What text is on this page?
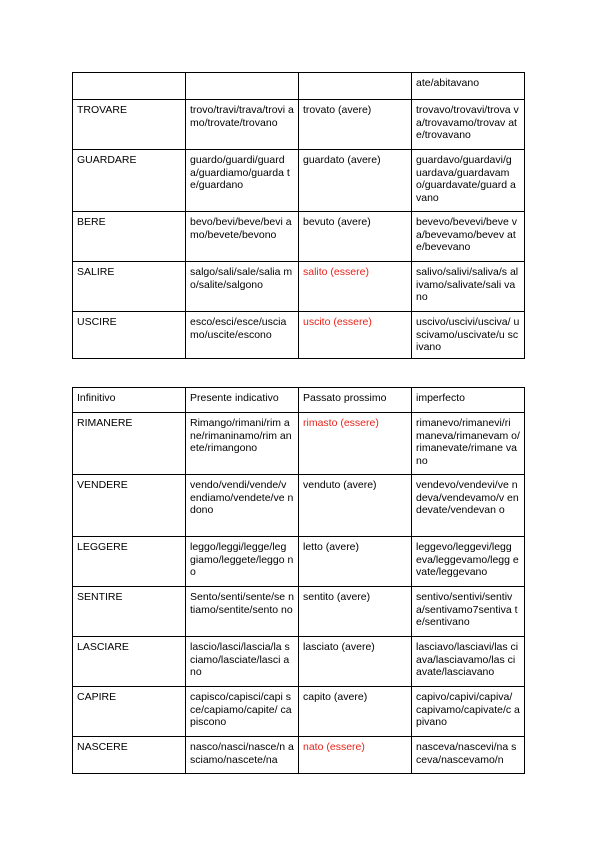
			ate/abitavano
TROVARE	trovo/travi/trava/trovi amo/trovate/trovano	trovato (avere)	trovavo/trovavi/trova va/trovavamo/trovav ate/trovavano
GUARDARE	guardo/guardi/guard a/guardiamo/guarda te/guardano	guardato (avere)	guardavo/guardavi/g uardava/guardavam o/guardavate/guard avano
BERE	bevo/bevi/beve/bevi amo/bevete/bevono	bevuto (avere)	bevevo/bevevi/beve va/bevevamo/bevev ate/bevevano
SALIRE	salgo/sali/sale/salia mo/salite/salgono	salito (essere)	salivo/salivi/saliva/s alivamo/salivate/sali vano
USCIRE	esco/esci/esce/uscia mo/uscite/escono	uscito (essere)	uscivo/uscivi/usciva/ uscivamo/uscivate/u scivano
Infinitivo	Presente indicativo	Passato prossimo	imperfecto
RIMANERE	Rimango/rimani/rim ane/rimaninamo/rim anete/rimangono	rimasto (essere)	rimanevo/rimanevi/ri maneva/rimanevam o/rimanevate/rimane vano
VENDERE	vendo/vendi/vende/v endiamo/vendete/ve ndono	venduto (avere)	vendevo/vendevi/ve ndeva/vendevamo/v endevate/vendevan o
LEGGERE	leggo/leggi/legge/leg giamo/leggete/leggo no	letto (avere)	leggevo/leggevi/legg eva/leggevamo/legg evate/leggevano
SENTIRE	Sento/senti/sente/se ntiamo/sentite/sento no	sentito (avere)	sentivo/sentivi/sentiv a/sentivamo7sentiva te/sentivano
LASCIARE	lascio/lasci/lascia/la sciamo/lasciate/lasci ano	lasciato (avere)	lasciavo/lasciavi/las ciava/lasciavamo/las ciavate/lasciavano
CAPIRE	capisco/capisci/capi sce/capiamo/capite/ capiscono	capito (avere)	capivo/capivi/capiva/ capivamo/capivate/c apivano
NASCERE	nasco/nasci/nasce/n asciamo/nascete/na	nato (essere)	nasceva/nascevi/na sceva/nascevamo/n
